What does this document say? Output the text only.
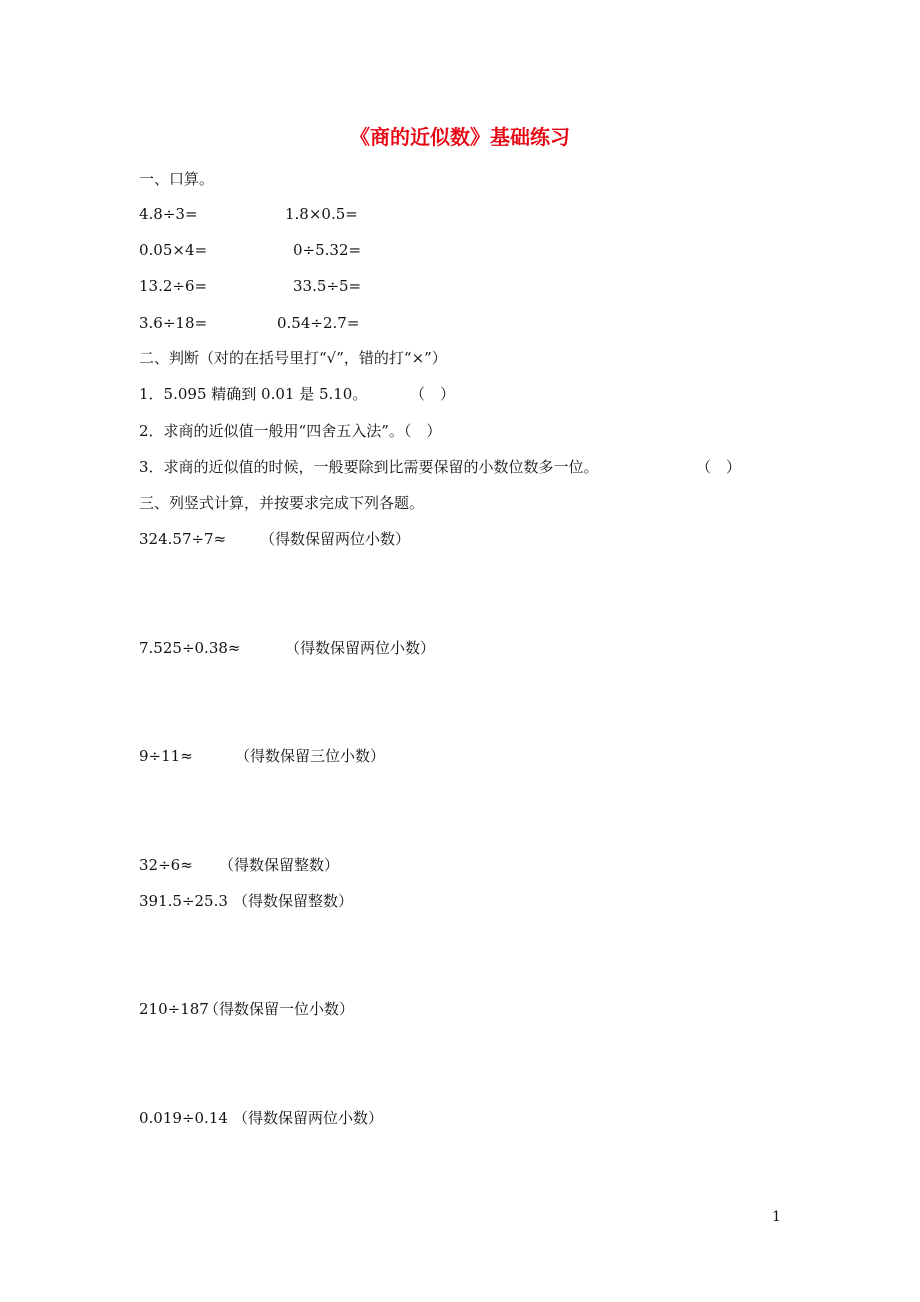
《商的近似数》基础练习
一、口算。
4.8÷3=	1.8×0.5=
0.05×4=	0÷5.32=
13.2÷6=	33.5÷5=
3.6÷18=	0.54÷2.7=
二、判断（对的在括号里打“√”，错的打“×”）
1．5.095 精确到 0.01 是 5.10。	（　）
2．求商的近似值一般用“四舍五入法”。（　）
3．求商的近似值的时候，一般要除到比需要保留的小数位数多一位。	（　）
三、列竖式计算，并按要求完成下列各题。
324.57÷7≈ （得数保留两位小数）
7.525÷0.38≈	（得数保留两位小数）
9÷11≈	（得数保留三位小数）
32÷6≈ （得数保留整数）
391.5÷25.3 （得数保留整数）
210÷187
（得数保留一位小数）
0.019÷0.14 （得数保留两位小数）
1
